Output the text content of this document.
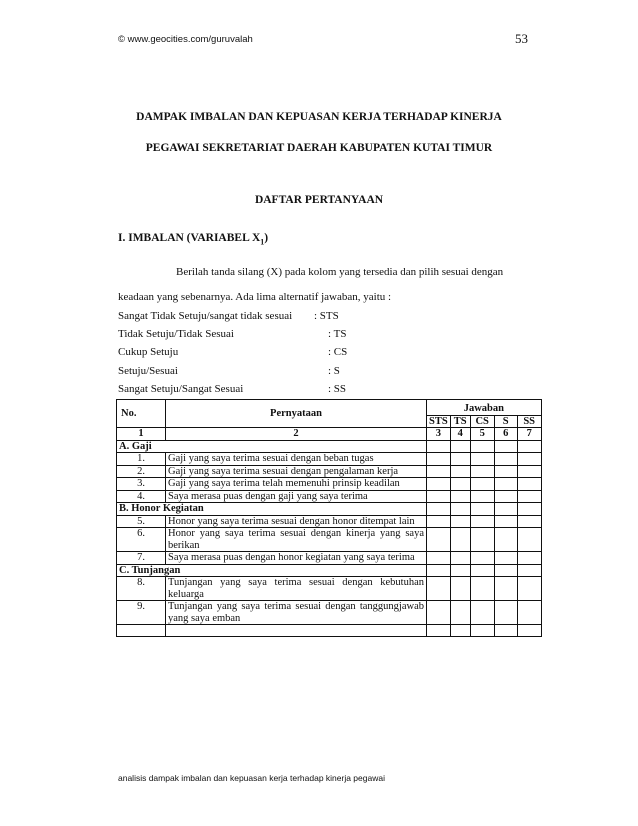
© www.geocities.com/guruvalah	53
DAMPAK IMBALAN DAN KEPUASAN KERJA TERHADAP KINERJA
PEGAWAI SEKRETARIAT DAERAH KABUPATEN KUTAI TIMUR
DAFTAR PERTANYAAN
I. IMBALAN (VARIABEL $X_1$)
Berilah tanda silang (X) pada kolom yang tersedia dan pilih sesuai dengan
keadaan yang sebenarnya. Ada lima alternatif jawaban, yaitu :
Sangat Tidak Setuju/sangat tidak sesuai : STS
Tidak Setuju/Tidak Sesuai	: TS
Cukup Setuju	: CS
Setuju/Sesuai	: S
Sangat Setuju/Sangat Sesuai	: SS
No.	Pernyataan	Jawaban				
		STS	TS	CS	S	SS
1	2	3	4	5	6	7
A. Gaji						
1.	Gaji yang saya terima sesuai dengan beban tugas					
2.	Gaji yang saya terima sesuai dengan pengalaman kerja					
3.	Gaji yang saya terima telah memenuhi prinsip keadilan					
4.	Saya merasa puas dengan gaji yang saya terima					
B. Honor Kegiatan						
5.	Honor yang saya terima sesuai dengan honor ditempat lain					
6.	Honor yang saya terima sesuai dengan kinerja yang saya berikan					
7.	Saya merasa puas dengan honor kegiatan yang saya terima					
C. Tunjangan						
8.	Tunjangan yang saya terima sesuai dengan kebutuhan keluarga					
9.	Tunjangan yang saya terima sesuai dengan tanggungjawab yang saya emban					

analisis dampak imbalan dan kepuasan kerja terhadap kinerja pegawai
